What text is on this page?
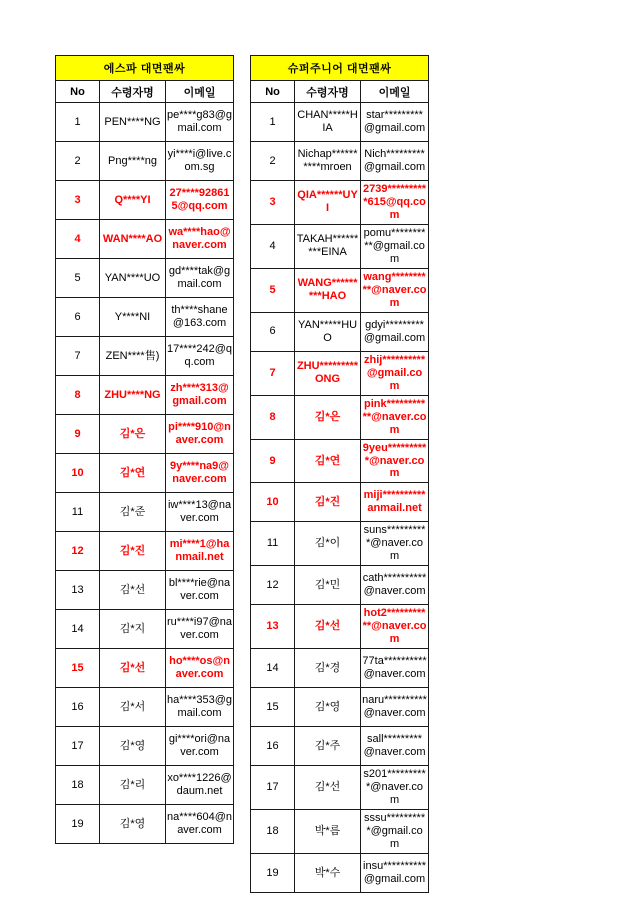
에스파 대면팬싸		
No	수령자명	이메일
1	PEN****NG	pe****g83@gmail.com
2	Png****ng	yi****i@live.com.sg
3	Q****YI	27****928615@qq.com
4	WAN****AO	wa****hao@naver.com
5	YAN****UO	gd****tak@gmail.com
6	Y****NI	th****shane@163.com
7	ZEN****售)	17****242@qq.com
8	ZHU****NG	zh****313@gmail.com
9	김*은	pi****910@naver.com
10	김*연	9y****na9@naver.com
11	김*준	iw****13@naver.com
12	김*진	mi****1@hanmail.net
13	김*선	bl****rie@naver.com
14	김*지	ru****i97@naver.com
15	김*선	ho****os@naver.com
16	김*서	ha****353@gmail.com
17	김*영	gi****ori@naver.com
18	김*리	xo****1226@daum.net
19	김*영	na****604@naver.com
슈퍼주니어 대면팬싸		
No	수령자명	이메일
1	CHAN*****HIA	star*********@gmail.com
2	Nichap**********mroen	Nich*********@gmail.com
3	QIA******UYI	2739**********615@qq.com
4	TAKAH*********EINA	pomu**********@gmail.com
5	WANG*********HAO	wang**********@naver.com
6	YAN*****HUO	gdyi*********@gmail.com
7	ZHU*********ONG	zhij**********@gmail.com
8	김*은	pink***********@naver.com
9	김*연	9yeu**********@naver.com
10	김*진	miji**********anmail.net
11	김*이	suns**********@naver.com
12	김*민	cath**********@naver.com
13	김*선	hot2***********@naver.com
14	김*경	77ta**********@naver.com
15	김*영	naru**********@naver.com
16	김*주	sall*********@naver.com
17	김*선	s201**********@naver.com
18	박*름	sssu**********@gmail.com
19	박*수	insu**********@gmail.com
